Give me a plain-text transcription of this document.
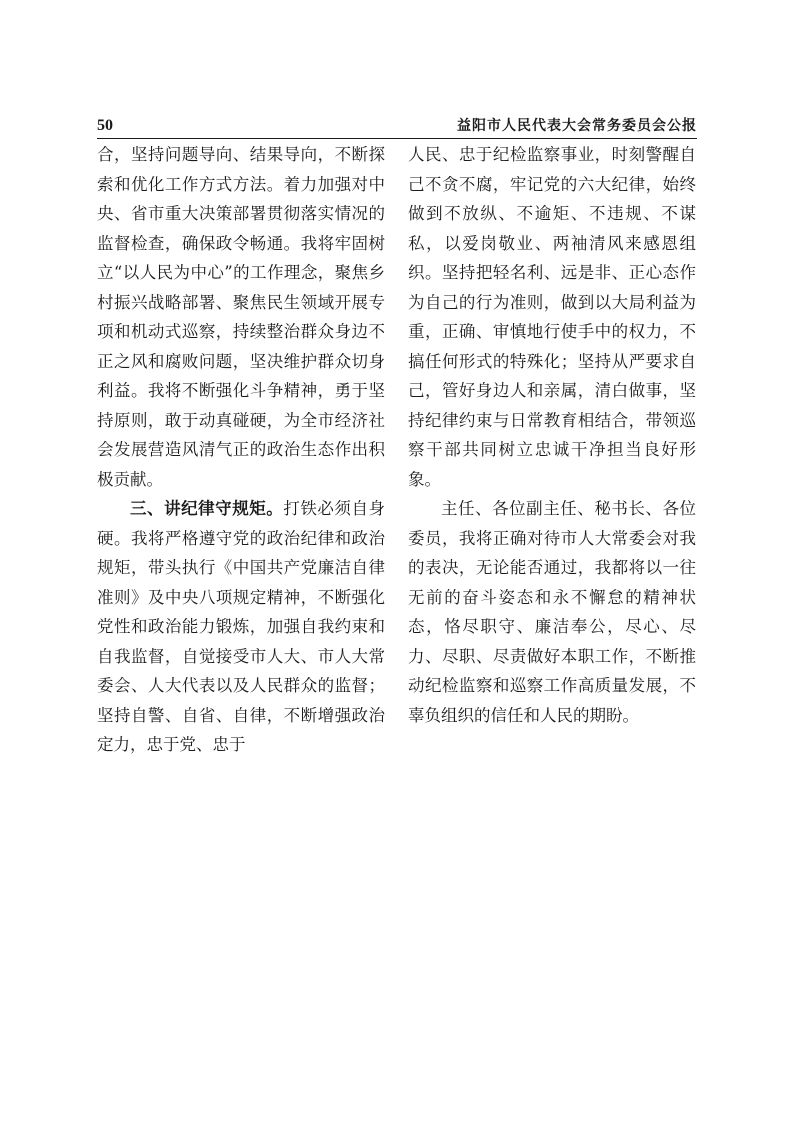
50	益阳市人民代表大会常务委员会公报

合，坚持问题导向、结果导向，不断探索和优化工作方式方法。着力加强对中央、省市重大决策部署贯彻落实情况的监督检查，确保政令畅通。我将牢固树立“以人民为中心”的工作理念，聚焦乡村振兴战略部署、聚焦民生领域开展专项和机动式巡察，持续整治群众身边不正之风和腐败问题，坚决维护群众切身利益。我将不断强化斗争精神，勇于坚持原则，敢于动真碰硬，为全市经济社会发展营造风清气正的政治生态作出积极贡献。

三、讲纪律守规矩。打铁必须自身硬。我将严格遵守党的政治纪律和政治规矩，带头执行《中国共产党廉洁自律准则》及中央八项规定精神，不断强化党性和政治能力锻炼，加强自我约束和自我监督，自觉接受市人大、市人大常委会、人大代表以及人民群众的监督；坚持自警、自省、自律，不断增强政治定力，忠于党、忠于

人民、忠于纪检监察事业，时刻警醒自己不贪不腐，牢记党的六大纪律，始终做到不放纵、不逾矩、不违规、不谋私，以爱岗敬业、两袖清风来感恩组织。坚持把轻名利、远是非、正心态作为自己的行为准则，做到以大局利益为重，正确、审慎地行使手中的权力，不搞任何形式的特殊化；坚持从严要求自己，管好身边人和亲属，清白做事，坚持纪律约束与日常教育相结合，带领巡察干部共同树立忠诚干净担当良好形象。

主任、各位副主任、秘书长、各位委员，我将正确对待市人大常委会对我的表决，无论能否通过，我都将以一往无前的奋斗姿态和永不懈怠的精神状态，恪尽职守、廉洁奉公，尽心、尽力、尽职、尽责做好本职工作，不断推动纪检监察和巡察工作高质量发展，不辜负组织的信任和人民的期盼。
